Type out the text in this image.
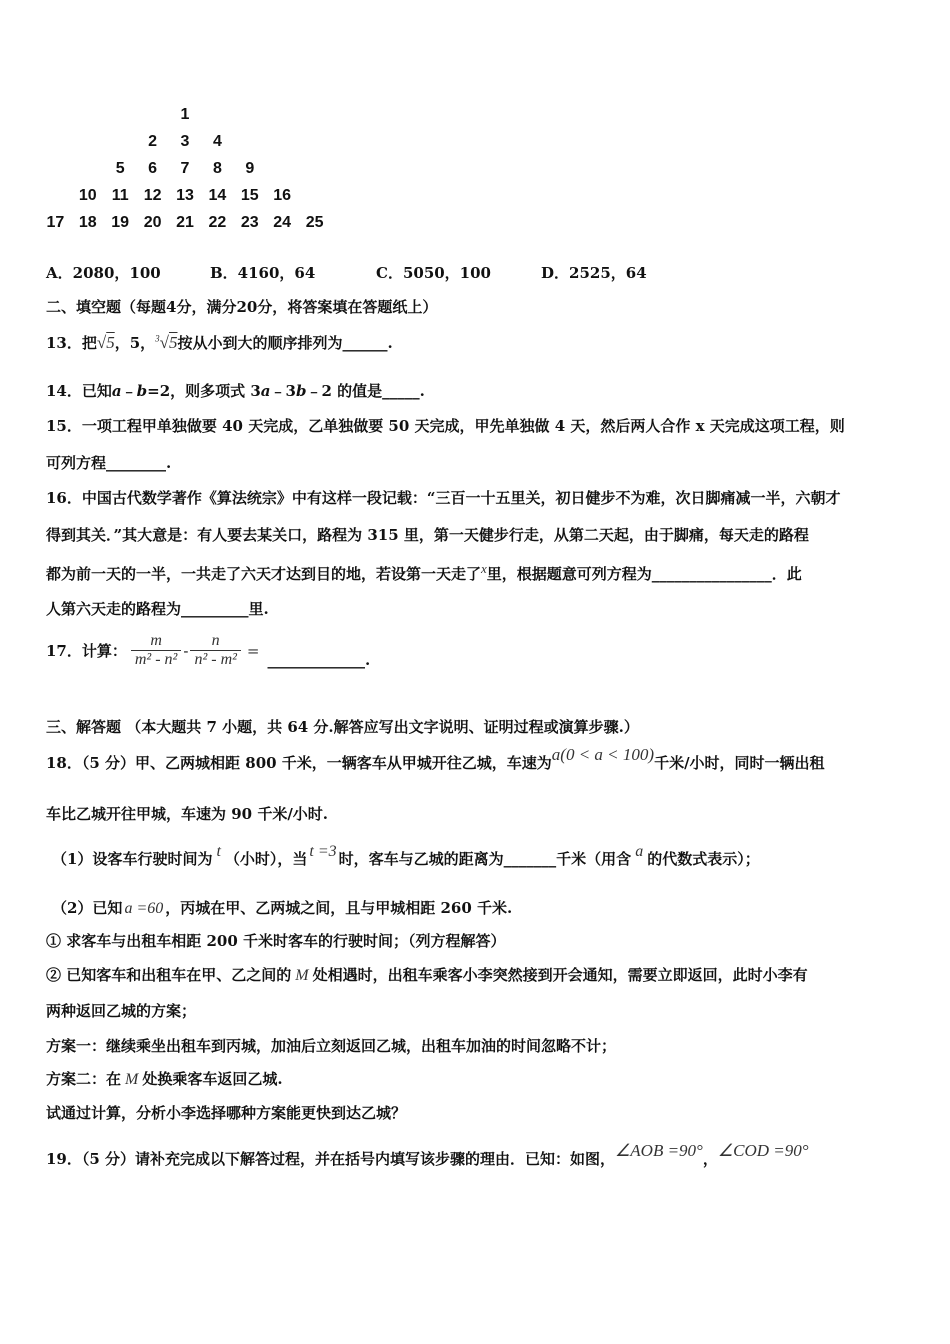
1
2	3	4
5	6	7	8	9
10 11 12 13 14 15 16
17 18 19 20 21 22 23 24 25
A．2080，100	B．4160，64	C．5050，100	D．2525，64
二、填空题（每题4分，满分20分，将答案填在答题纸上）
13．把√5，5，$^3$√5按从小到大的顺序排列为______.
14．已知a﹣b=2，则多项式 3a﹣3b﹣2 的值是_____.
15．一项工程甲单独做要 40 天完成，乙单独做要 50 天完成，甲先单独做 4 天，然后两人合作 x 天完成这项工程，则
可列方程________.
16．中国古代数学著作《算法统宗》中有这样一段记载：“三百一十五里关，初日健步不为难，次日脚痛减一半，六朝才
得到其关．”其大意是：有人要去某关口，路程为 315 里，第一天健步行走，从第二天起，由于脚痛，每天走的路程
都为前一天的一半，一共走了六天才达到目的地，若设第一天走了$^x$里，根据题意可列方程为________________．此
人第六天走的路程为_________里.
17．计算： $\frac{m}{\text{m² - n²}} - \frac{n}{\text{n² - m²}}$ = _____________.
三、解答题 （本大题共 7 小题，共 64 分.解答应写出文字说明、证明过程或演算步骤.）
18．（5 分）甲、乙两城相距 800 千米，一辆客车从甲城开往乙城，车速为a(0 < a < 100)千米/小时，同时一辆出租
车比乙城开往甲城，车速为 90 千米/小时.
（1）设客车行驶时间为 t （小时），当 t =3 时，客车与乙城的距离为_______千米（用含 a 的代数式表示）；
（2）已知 a =60 ，丙城在甲、乙两城之间，且与甲城相距 260 千米.
① 求客车与出租车相距 200 千米时客车的行驶时间；（列方程解答）
② 已知客车和出租车在甲、乙之间的 M 处相遇时，出租车乘客小李突然接到开会通知，需要立即返回，此时小李有
两种返回乙城的方案；
方案一：继续乘坐出租车到丙城，加油后立刻返回乙城，出租车加油的时间忽略不计；
方案二：在 M 处换乘客车返回乙城.
试通过计算，分析小李选择哪种方案能更快到达乙城？
19．（5 分）请补充完成以下解答过程，并在括号内填写该步骤的理由．已知：如图，∠AOB =90°，∠COD =90°
